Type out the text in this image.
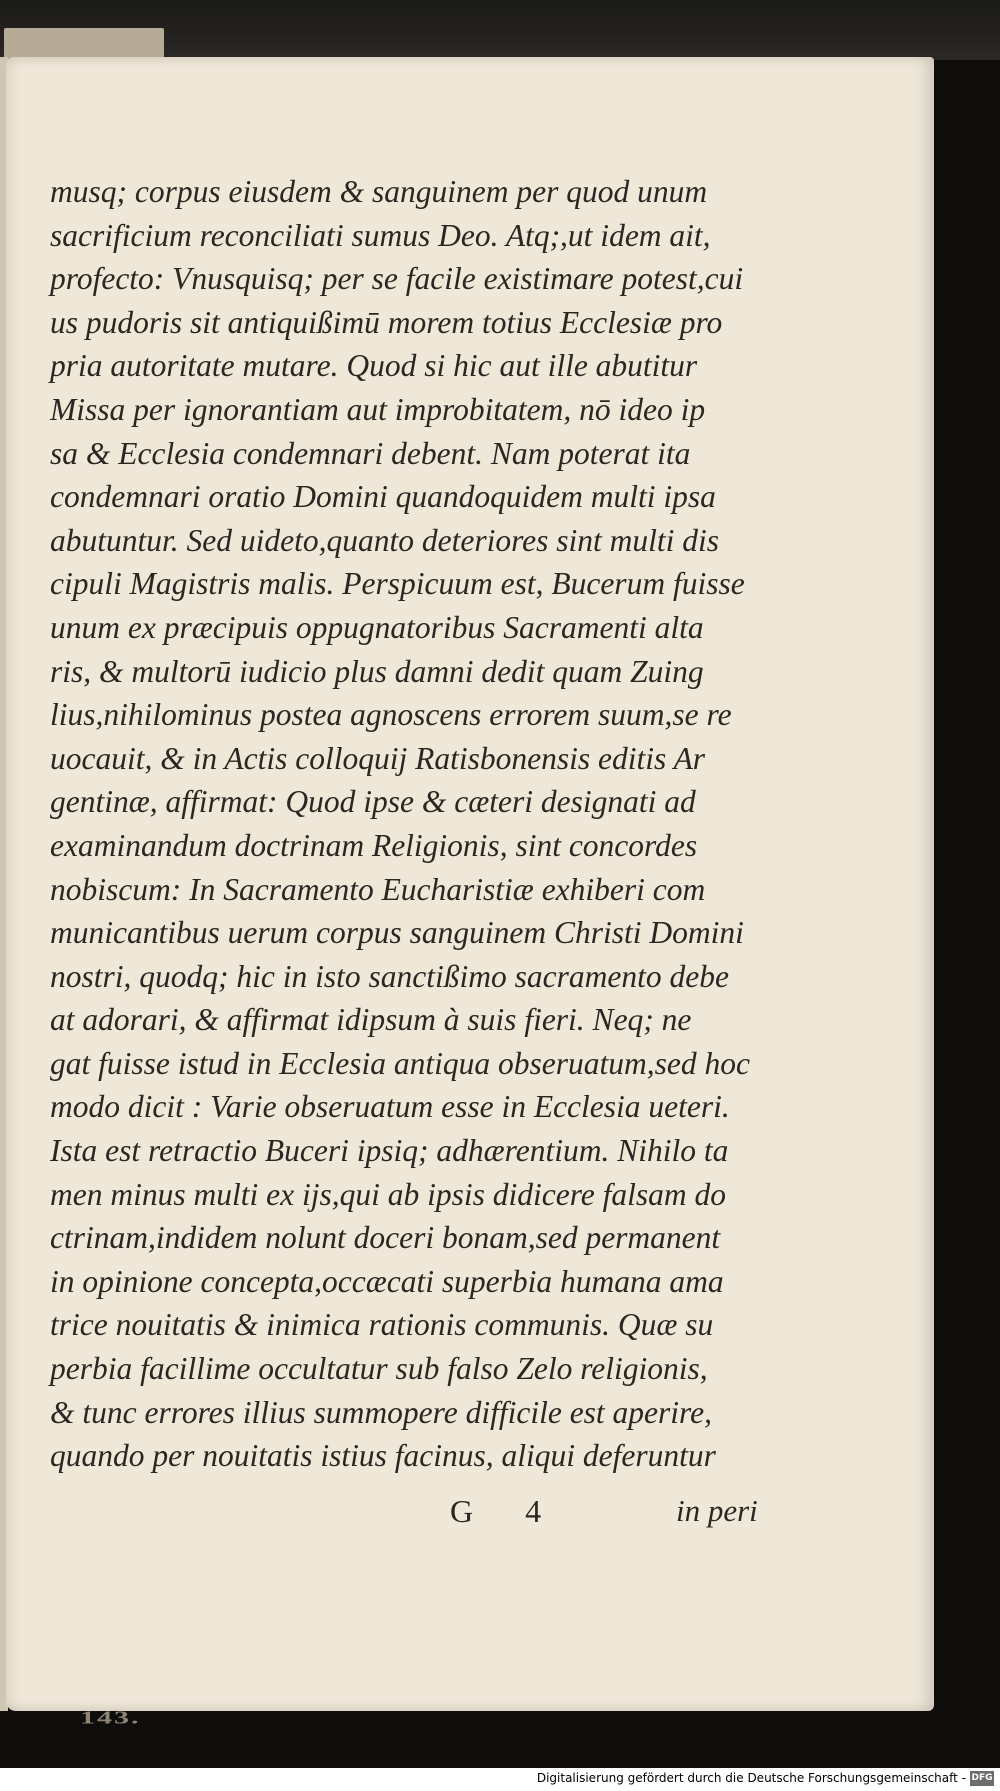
musq; corpus eiusdem & sanguinem per quod unum
sacrificium reconciliati sumus Deo. Atq;,ut idem ait,
profecto: Vnusquisq; per se facile existimare potest,cui
us pudoris sit antiquißimū morem totius Ecclesiæ pro
pria autoritate mutare. Quod si hic aut ille abutitur
Missa per ignorantiam aut improbitatem, nō ideo ip
sa & Ecclesia condemnari debent. Nam poterat ita
condemnari oratio Domini quandoquidem multi ipsa
abutuntur. Sed uideto,quanto deteriores sint multi dis
cipuli Magistris malis. Perspicuum est, Bucerum fuisse
unum ex præcipuis oppugnatoribus Sacramenti alta
ris, & multorū iudicio plus damni dedit quam Zuing
lius,nihilominus postea agnoscens errorem suum,se re
uocauit, & in Actis colloquij Ratisbonensis editis Ar
gentinæ, affirmat: Quod ipse & cæteri designati ad
examinandum doctrinam Religionis, sint concordes
nobiscum: In Sacramento Eucharistiæ exhiberi com
municantibus uerum corpus sanguinem Christi Domini
nostri, quodq; hic in isto sanctißimo sacramento debe
at adorari, & affirmat idipsum à suis fieri. Neq; ne
gat fuisse istud in Ecclesia antiqua obseruatum,sed hoc
modo dicit : Varie obseruatum esse in Ecclesia ueteri.
Ista est retractio Buceri ipsiq; adhærentium. Nihilo ta
men minus multi ex ijs,qui ab ipsis didicere falsam do
ctrinam,indidem nolunt doceri bonam,sed permanent
in opinione concepta,occæcati superbia humana ama
trice nouitatis & inimica rationis communis. Quæ su
perbia facillime occultatur sub falso Zelo religionis,
& tunc errores illius summopere difficile est aperire,
quando per nouitatis istius facinus, aliqui deferuntur
G 4	in peri
143.
Digitalisierung gefördert durch die Deutsche Forschungsgemeinschaft - DFG
